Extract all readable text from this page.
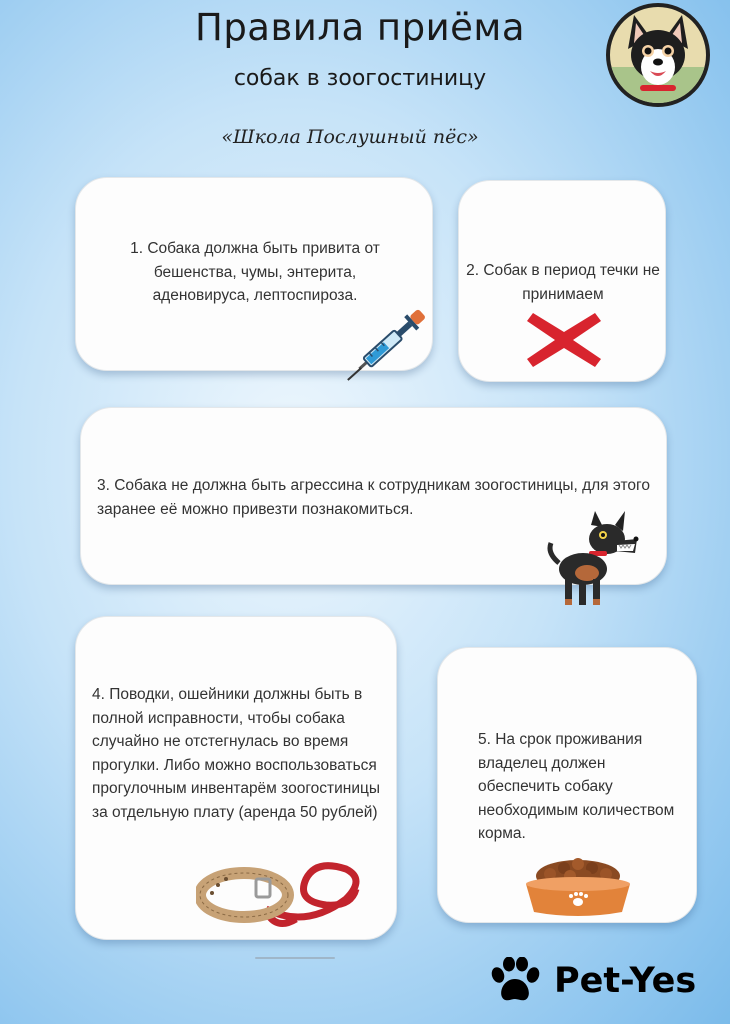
Правила приёма
собак в зоогостиницу
«Школа Послушный пёс»
1. Собака должна быть привита от бешенства, чумы, энтерита, аденовируса, лептоспироза.
2. Собак в период течки не принимаем
3. Собака не должна быть агрессина к сотрудникам зоогостиницы, для этого заранее её можно привезти познакомиться.
4. Поводки, ошейники должны быть в полной исправности, чтобы собака случайно не отстегнулась во время прогулки. Либо можно воспользоваться прогулочным инвентарём зоогостиницы за отдельную плату (аренда 50 рублей)
5. На срок проживания владелец должен обеспечить собаку необходимым количеством корма.
Pet-Yes
